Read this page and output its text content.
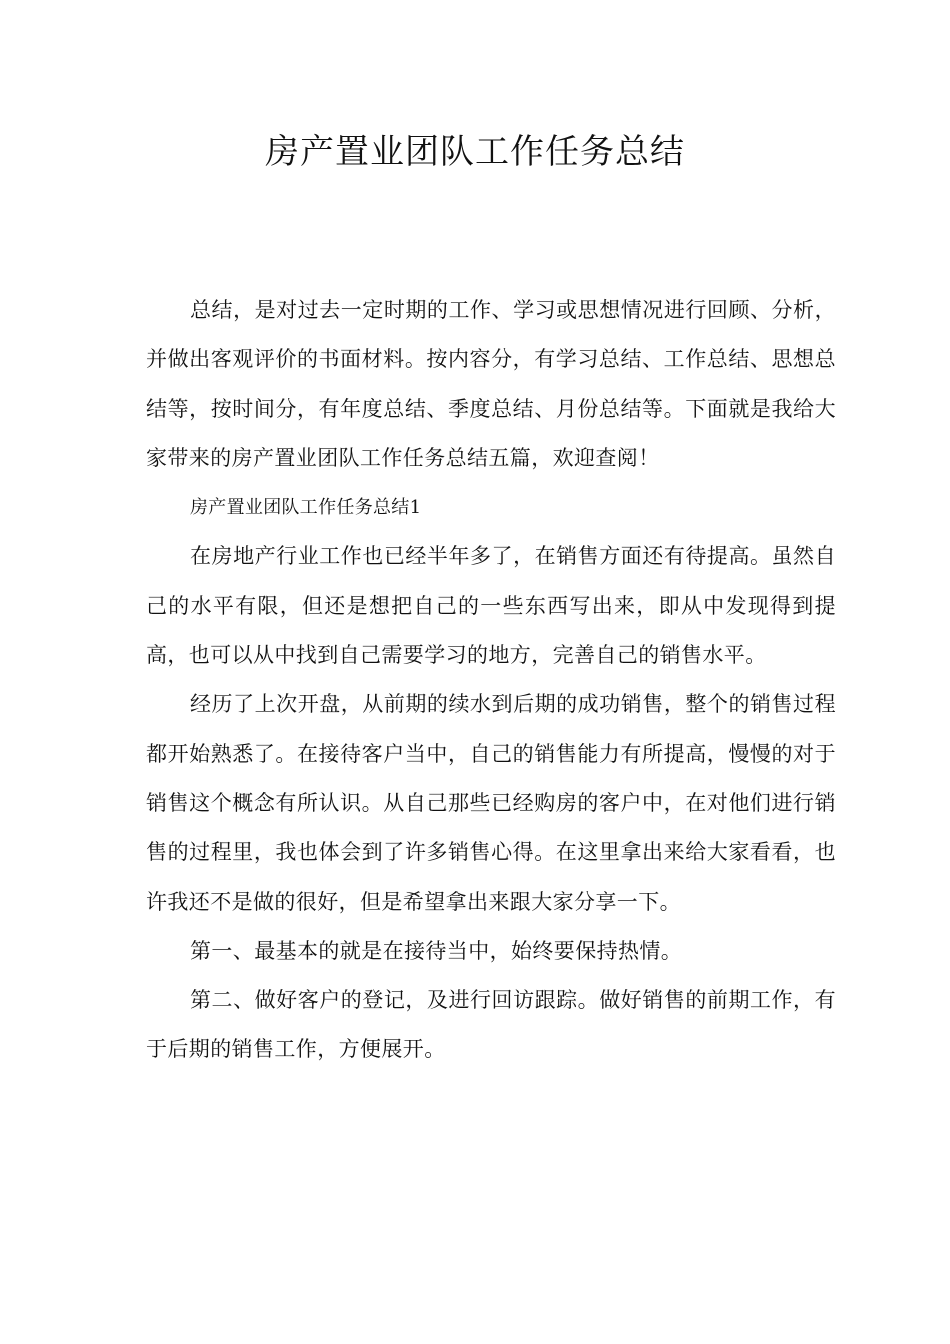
房产置业团队工作任务总结

总结，是对过去一定时期的工作、学习或思想情况进行回顾、分析，并做出客观评价的书面材料。按内容分，有学习总结、工作总结、思想总结等，按时间分，有年度总结、季度总结、月份总结等。下面就是我给大家带来的房产置业团队工作任务总结五篇，欢迎查阅！

房产置业团队工作任务总结1

在房地产行业工作也已经半年多了，在销售方面还有待提高。虽然自己的水平有限，但还是想把自己的一些东西写出来，即从中发现得到提高，也可以从中找到自己需要学习的地方，完善自己的销售水平。

经历了上次开盘，从前期的续水到后期的成功销售，整个的销售过程都开始熟悉了。在接待客户当中，自己的销售能力有所提高，慢慢的对于销售这个概念有所认识。从自己那些已经购房的客户中，在对他们进行销售的过程里，我也体会到了许多销售心得。在这里拿出来给大家看看，也许我还不是做的很好，但是希望拿出来跟大家分享一下。

第一、最基本的就是在接待当中，始终要保持热情。

第二、做好客户的登记，及进行回访跟踪。做好销售的前期工作，有于后期的销售工作，方便展开。
